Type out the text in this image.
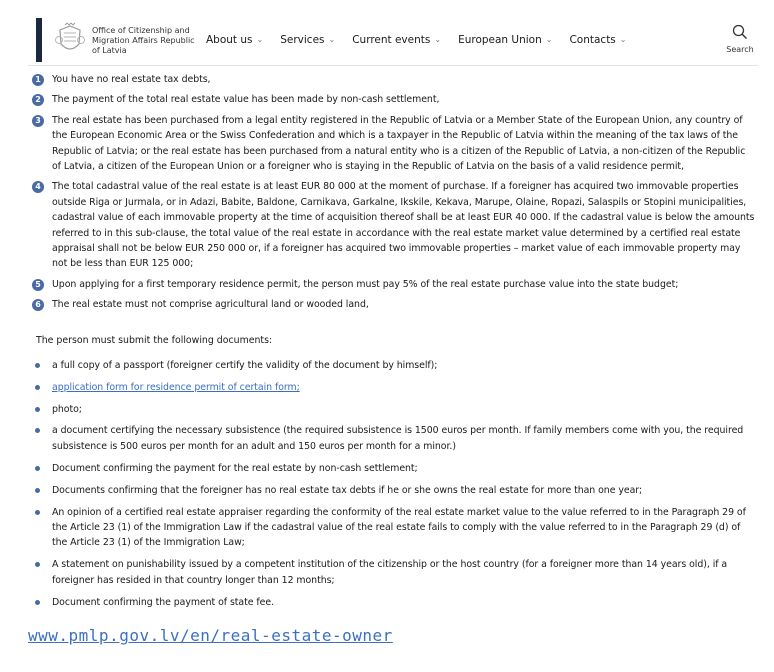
Office of Citizenship and Migration Affairs Republic of Latvia
About us ⌄ Services ⌄ Current events ⌄ European Union ⌄ Contacts ⌄
Search
1	You have no real estate tax debts,
2	The payment of the total real estate value has been made by non-cash settlement,
3	The real estate has been purchased from a legal entity registered in the Republic of Latvia or a Member State of the European Union, any country of the European Economic Area or the Swiss Confederation and which is a taxpayer in the Republic of Latvia within the meaning of the tax laws of the Republic of Latvia; or the real estate has been purchased from a natural entity who is a citizen of the Republic of Latvia, a non-citizen of the Republic of Latvia, a citizen of the European Union or a foreigner who is staying in the Republic of Latvia on the basis of a valid residence permit,
4	The total cadastral value of the real estate is at least EUR 80 000 at the moment of purchase. If a foreigner has acquired two immovable properties outside Riga or Jurmala, or in Adazi, Babite, Baldone, Carnikava, Garkalne, Ikskile, Kekava, Marupe, Olaine, Ropazi, Salaspils or Stopini municipalities, cadastral value of each immovable property at the time of acquisition thereof shall be at least EUR 40 000. If the cadastral value is below the amounts referred to in this sub-clause, the total value of the real estate in accordance with the real estate market value determined by a certified real estate appraisal shall not be below EUR 250 000 or, if a foreigner has acquired two immovable properties – market value of each immovable property may not be less than EUR 125 000;
5	Upon applying for a first temporary residence permit, the person must pay 5% of the real estate purchase value into the state budget;
6	The real estate must not comprise agricultural land or wooded land,

The person must submit the following documents:

a full copy of a passport (foreigner certify the validity of the document by himself);
application form for residence permit of certain form;
photo;
a document certifying the necessary subsistence (the required subsistence is 1500 euros per month. If family members come with you, the required subsistence is 500 euros per month for an adult and 150 euros per month for a minor.)
Document confirming the payment for the real estate by non-cash settlement;
Documents confirming that the foreigner has no real estate tax debts if he or she owns the real estate for more than one year;
An opinion of a certified real estate appraiser regarding the conformity of the real estate market value to the value referred to in the Paragraph 29 of the Article 23 (1) of the Immigration Law if the cadastral value of the real estate fails to comply with the value referred to in the Paragraph 29 (d) of the Article 23 (1) of the Immigration Law;
A statement on punishability issued by a competent institution of the citizenship or the host country (for a foreigner more than 14 years old), if a foreigner has resided in that country longer than 12 months;
Document confirming the payment of state fee.
www.pmlp.gov.lv/en/real-estate-owner
